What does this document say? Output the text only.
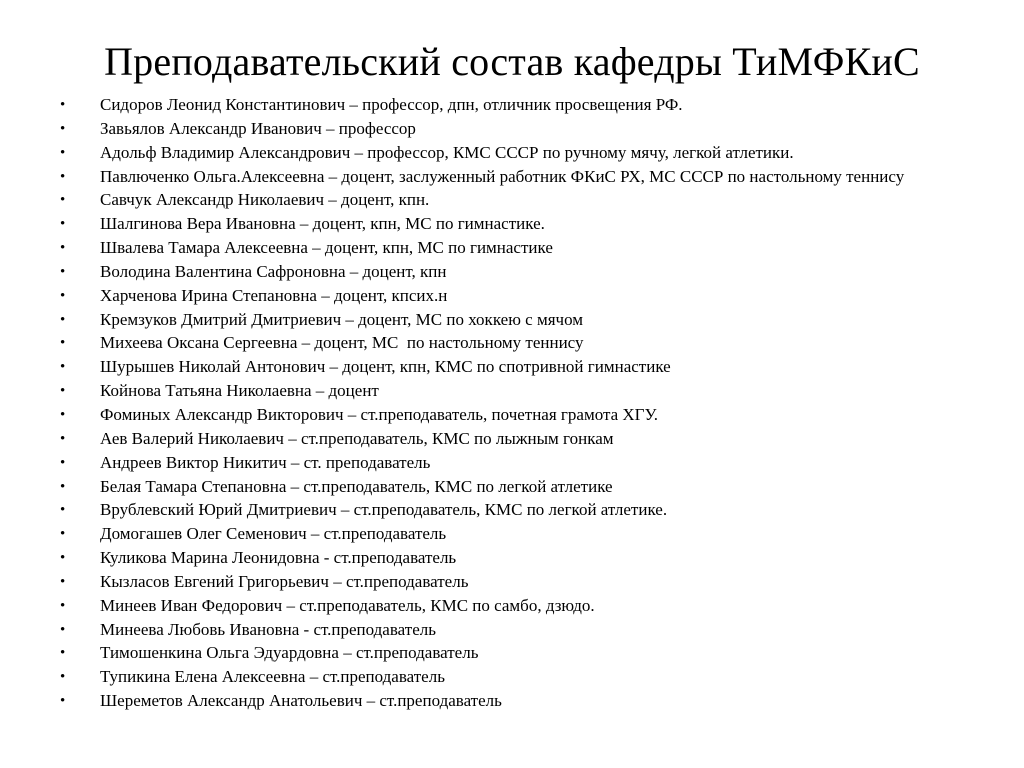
Преподавательский состав кафедры ТиМФКиС
• Сидоров Леонид Константинович – профессор, дпн, отличник просвещения РФ.
• Завьялов Александр Иванович – профессор
• Адольф Владимир Александрович – профессор, КМС СССР по ручному мячу, легкой атлетики.
• Павлюченко Ольга.Алексеевна – доцент, заслуженный работник ФКиС РХ, МС СССР по настольному теннису
• Савчук Александр Николаевич – доцент, кпн.
• Шалгинова Вера Ивановна – доцент, кпн, МС по гимнастике.
• Швалева Тамара Алексеевна – доцент, кпн, МС по гимнастике
• Володина Валентина Сафроновна – доцент, кпн
• Харченова Ирина Степановна – доцент, кпсих.н
• Кремзуков Дмитрий Дмитриевич – доцент, МС по хоккею с мячом
• Михеева Оксана Сергеевна – доцент, МС  по настольному теннису
• Шурышев Николай Антонович – доцент, кпн, КМС по спотривной гимнастике
• Койнова Татьяна Николаевна – доцент
• Фоминых Александр Викторович – ст.преподаватель, почетная грамота ХГУ.
• Аев Валерий Николаевич – ст.преподаватель, КМС по лыжным гонкам
• Андреев Виктор Никитич – ст. преподаватель
• Белая Тамара Степановна – ст.преподаватель, КМС по легкой атлетике
• Врублевский Юрий Дмитриевич – ст.преподаватель, КМС по легкой атлетике.
• Домогашев Олег Семенович – ст.преподаватель
• Куликова Марина Леонидовна - ст.преподаватель
• Кызласов Евгений Григорьевич – ст.преподаватель
• Минеев Иван Федорович – ст.преподаватель, КМС по самбо, дзюдо.
• Минеева Любовь Ивановна - ст.преподаватель
• Тимошенкина Ольга Эдуардовна – ст.преподаватель
• Тупикина Елена Алексеевна – ст.преподаватель
• Шереметов Александр Анатольевич – ст.преподаватель
